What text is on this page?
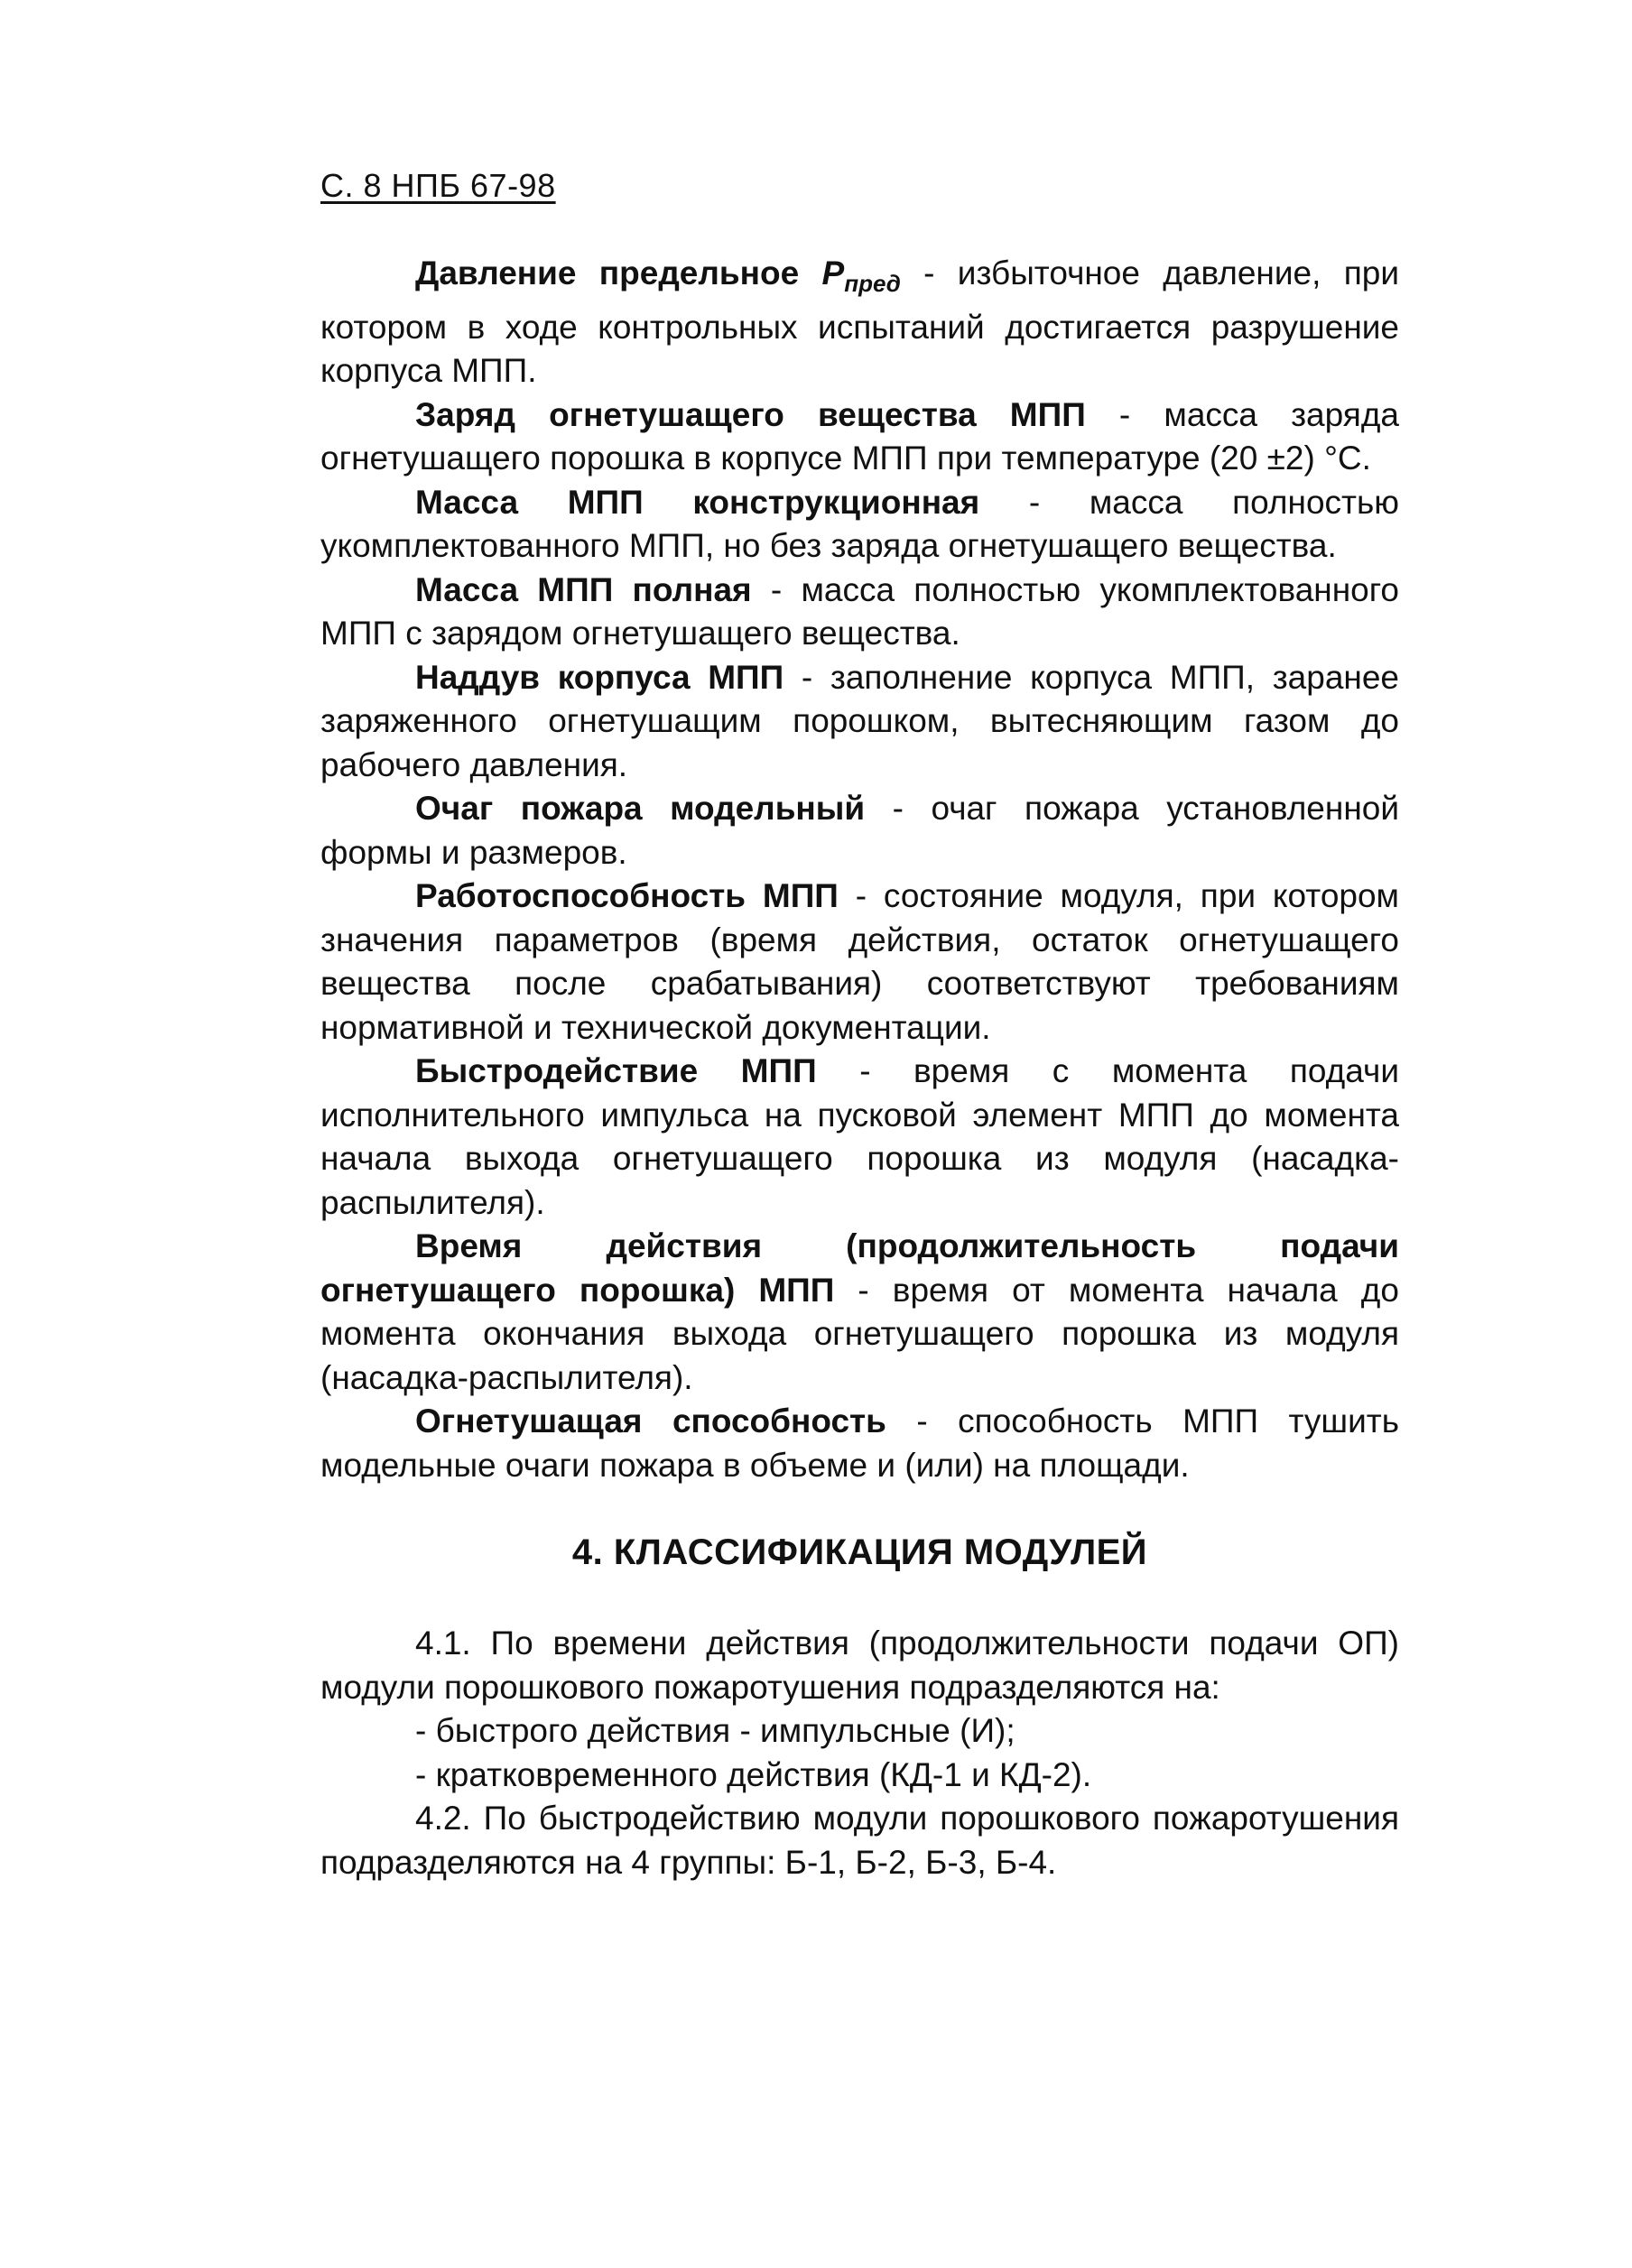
С. 8 НПБ 67-98

Давление предельное $P_{пред}$ - избыточное давление, при котором в ходе контрольных испытаний достигается разрушение корпуса МПП.

Заряд огнетушащего вещества МПП - масса заряда огнетушащего порошка в корпусе МПП при температуре (20 ±2) °С.

Масса МПП конструкционная - масса полностью укомплектованного МПП, но без заряда огнетушащего вещества.

Масса МПП полная - масса полностью укомплектованного МПП с зарядом огнетушащего вещества.

Наддув корпуса МПП - заполнение корпуса МПП, заранее заряженного огнетушащим порошком, вытесняющим газом до рабочего давления.

Очаг пожара модельный - очаг пожара установленной формы и размеров.

Работоспособность МПП - состояние модуля, при котором значения параметров (время действия, остаток огнетушащего вещества после срабатывания) соответствуют требованиям нормативной и технической документации.

Быстродействие МПП - время с момента подачи исполнительного импульса на пусковой элемент МПП до момента начала выхода огнетушащего порошка из модуля (насадка-распылителя).

Время действия (продолжительность подачи огнетушащего порошка) МПП - время от момента начала до момента окончания выхода огнетушащего порошка из модуля (насадка-распылителя).

Огнетушащая способность - способность МПП тушить модельные очаги пожара в объеме и (или) на площади.

4. КЛАССИФИКАЦИЯ МОДУЛЕЙ

4.1. По времени действия (продолжительности подачи ОП) модули порошкового пожаротушения подразделяются на:

- быстрого действия - импульсные (И);

- кратковременного действия (КД-1 и КД-2).

4.2. По быстродействию модули порошкового пожаротушения подразделяются на 4 группы: Б-1, Б-2, Б-3, Б-4.
